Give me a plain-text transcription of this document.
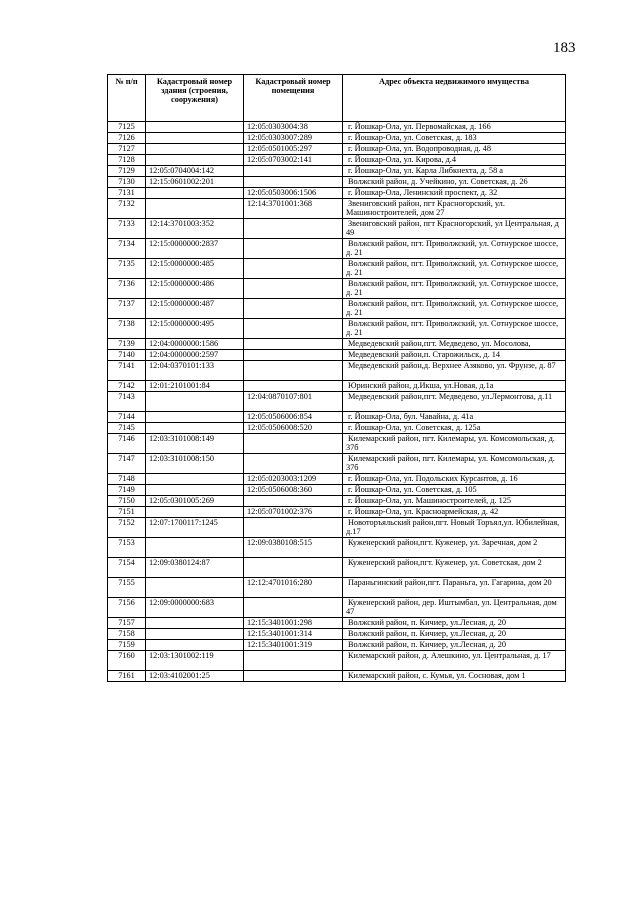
183
№ п/п	Кадастровый номер здания (строения, сооружения)	Кадастровый номер помещения	Адрес объекта недвижимого имущества
7125		12:05:0303004:38	г. Йошкар-Ола, ул. Первомайская, д. 166
7126		12:05:0303007:289	г. Йошкар-Ола, ул. Советская, д. 183
7127		12:05:0501005:297	г. Йошкар-Ола, ул. Водопроводная, д. 48
7128		12:05:0703002:141	г. Йошкар-Ола, ул. Кирова, д.4
7129	12:05:0704004:142		г. Йошкар-Ола, ул. Карла Либкнехта, д. 58 а
7130	12:15:0601002:201		Волжский район, д. Учейкино, ул. Советская, д. 26
7131		12:05:0503006:1506	г. Йошкар-Ола, Ленинский проспект, д. 32
7132		12:14:3701001:368	Звениговский район, пгт Красногорский, ул. Машиностроителей, дом 27
7133	12:14:3701003:352		Звениговский район, пгт Красногорский, ул Центральная, д 49
7134	12:15:0000000:2837		Волжский район, пгт. Приволжский, ул. Сотнурское шоссе, д. 21
7135	12:15:0000000:485		Волжский район, пгт. Приволжский, ул. Сотнурское шоссе, д. 21
7136	12:15:0000000:486		Волжский район, пгт. Приволжский, ул. Сотнурское шоссе, д. 21
7137	12:15:0000000:487		Волжский район, пгт. Приволжский, ул. Сотнурское шоссе, д. 21
7138	12:15:0000000:495		Волжский район, пгт. Приволжский, ул. Сотнурское шоссе, д. 21
7139	12:04:0000000:1586		Медведевский район,пгт. Медведево, ул. Мосолова,
7140	12:04:0000000:2597		Медведевский район,п. Старожильск, д. 14
7141	12:04:0370101:133		Медведевский район,д. Верхнее Азяково, ул. Фрунзе, д. 87
7142	12:01:2101001:84		Юринский район, д.Икша, ул.Новая, д.1а
7143		12:04:0870107:801	Медведевский район,пгт. Медведево, ул.Лермонтова, д.11
7144		12:05:0506006:854	г. Йошкар-Ола, бул. Чавайна, д. 41а
7145		12:05:0506008:520	г. Йошкар-Ола, ул. Советская, д. 125а
7146	12:03:3101008:149		Килемарский район, пгт. Килемары, ул. Комсомольская, д. 37б
7147	12:03:3101008:150		Килемарский район, пгт. Килемары, ул. Комсомольская, д. 37б
7148		12:05:0203003:1209	г. Йошкар-Ола, ул. Подольских Курсантов, д. 16
7149		12:05:0506008:360	г. Йошкар-Ола, ул. Советская, д. 105
7150	12:05:0301005:269		г. Йошкар-Ола, ул. Машиностроителей, д. 125
7151		12:05:0701002:376	г. Йошкар-Ола, ул. Красноармейская, д. 42
7152	12:07:1700117:1245		Новоторъяльский район,пгт. Новый Торъял,ул. Юбилейная, д.17
7153		12:09:0380108:515	Куженерский район,пгт. Куженер, ул. Заречная, дом 2
7154	12:09:0380124:87		Куженерский район,пгт. Куженер, ул. Советская, дом 2
7155		12:12:4701016:280	Параньгинский район,пгт. Параньга, ул. Гагарина, дом 20
7156	12:09:0000000:683		Куженерский район, дер. Иштымбал, ул. Центральная, дом 47
7157		12:15:3401001:298	Волжский район, п. Кичиер, ул.Лесная, д. 20
7158		12:15:3401001:314	Волжский район, п. Кичиер, ул.Лесная, д. 20
7159		12:15:3401001:319	Волжский район, п. Кичиер, ул.Лесная, д. 20
7160	12:03:1301002:119		Килемарский район, д. Алешкино, ул. Центральная, д. 17
7161	12:03:4102001:25		Килемарский район, с. Кумья, ул. Сосновая, дом 1
